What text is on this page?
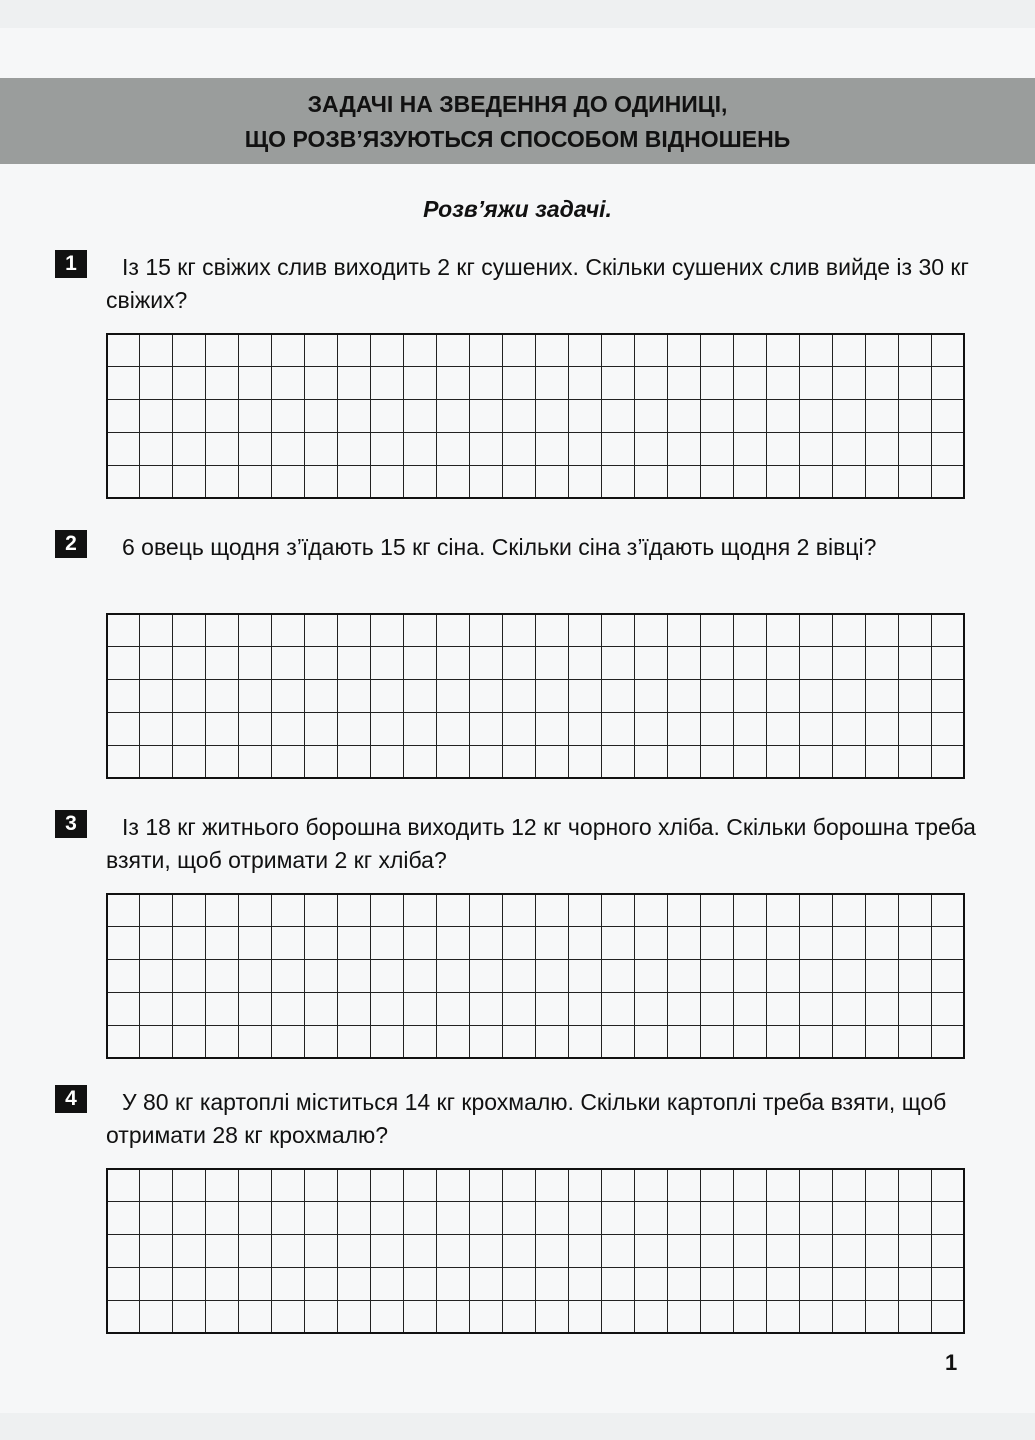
ЗАДАЧІ НА ЗВЕДЕННЯ ДО ОДИНИЦІ,
ЩО РОЗВ’ЯЗУЮТЬСЯ СПОСОБОМ ВІДНОШЕНЬ
Розв’яжи задачі.
1	Із 15 кг свіжих слив виходить 2 кг сушених. Скільки сушених слив вийде із 30 кг свіжих?
2	6 овець щодня з’їдають 15 кг сіна. Скільки сіна з’їдають щодня 2 вівці?
3	Із 18 кг житнього борошна виходить 12 кг чорного хліба. Скільки борошна треба взяти, щоб отримати 2 кг хліба?
4	У 80 кг картоплі міститься 14 кг крохмалю. Скільки картоплі треба взяти, щоб отримати 28 кг крохмалю?
1
